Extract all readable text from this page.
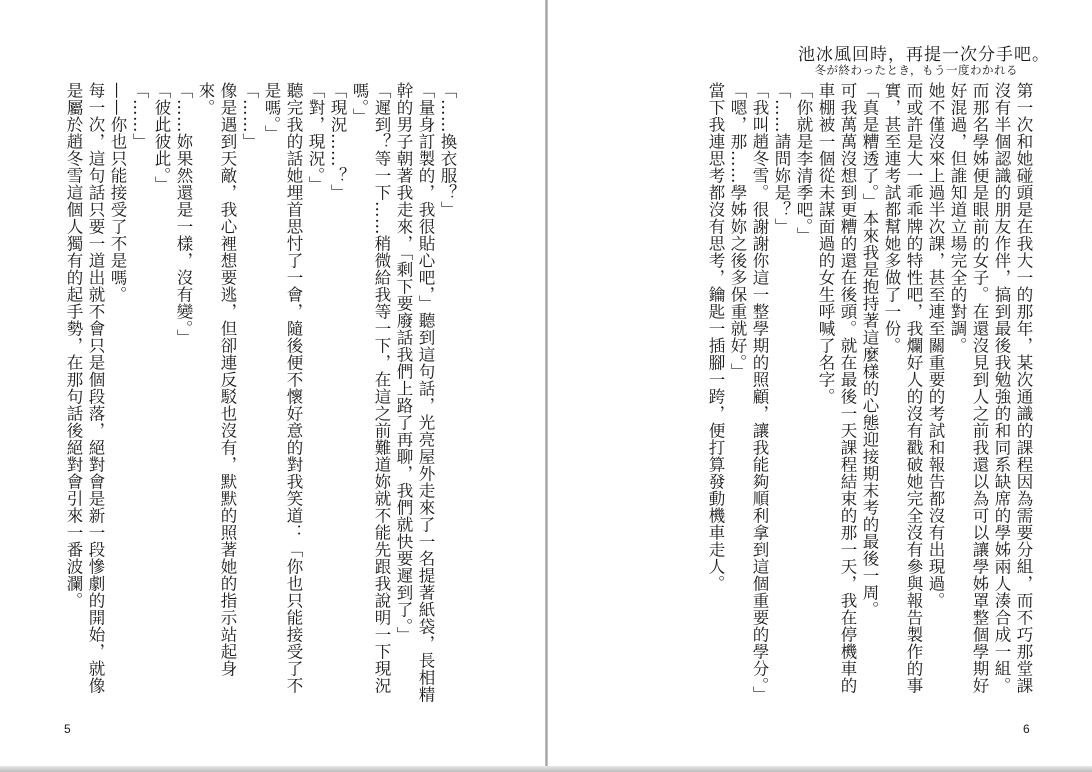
池冰風回時，再提一次分手吧。
冬が終わったとき，もう一度わかれる

第一次和她碰頭是在我大一的那年，某次通識的課程因為需要分組，而不巧那堂課沒有半個認識的朋友作伴，搞到最後我勉強的和同系缺席的學姊兩人湊合成一組。

而那名學姊便是眼前的女子。在還沒見到人之前我還以為可以讓學姊罩整個學期好好混過，但誰知道立場完全的對調。

她不僅沒來上過半次課，甚至連至關重要的考試和報告都沒有出現過。

而或許是大一乖乖牌的特性吧，我爛好人的沒有戳破她完全沒有參與報告製作的事實，甚至連考試都幫她多做了一份。

「真是糟透了。」本來我是抱持著這麼樣的心態迎接期末考的最後一周。

可我萬萬沒想到更糟的還在後頭。就在最後一天課程結束的那一天，我在停機車的車棚被一個從未謀面過的女生呼喊了名字。

「你就是李清季吧。」

「……請問妳是？」

「我叫趙冬雪。很謝謝你這一整學期的照顧，讓我能夠順利拿到這個重要的學分。」

「嗯，那……學姊妳之後多保重就好。」

當下我連思考都沒有思考，鑰匙一插腳一跨，便打算發動機車走人。

6

「……換衣服？」

「量身訂製的，我很貼心吧，」聽到這句話，光亮屋外走來了一名提著紙袋，長相精幹的男子朝著我走來，「剩下要廢話我們上路了再聊，我們就快要遲到了。」

「遲到？等一下……稍微給我等一下，在這之前難道妳就不能先跟我說明一下現況嗎。」

「現況……？」

「對，現況。」

聽完我的話她埋首思忖了一會，隨後便不懷好意的對我笑道：「你也只能接受了不是嗎。」

「……」

像是遇到天敵，我心裡想要逃，但卻連反駁也沒有，默默的照著她的指示站起身來。

「……妳果然還是一樣，沒有變。」

「彼此彼此。」

「……」

——你也只能接受了不是嗎。

每一次，這句話只要一道出就不會只是個段落，絕對會是新一段慘劇的開始，就像是屬於趙冬雪這個人獨有的起手勢，在那句話後絕對會引來一番波瀾。

5
